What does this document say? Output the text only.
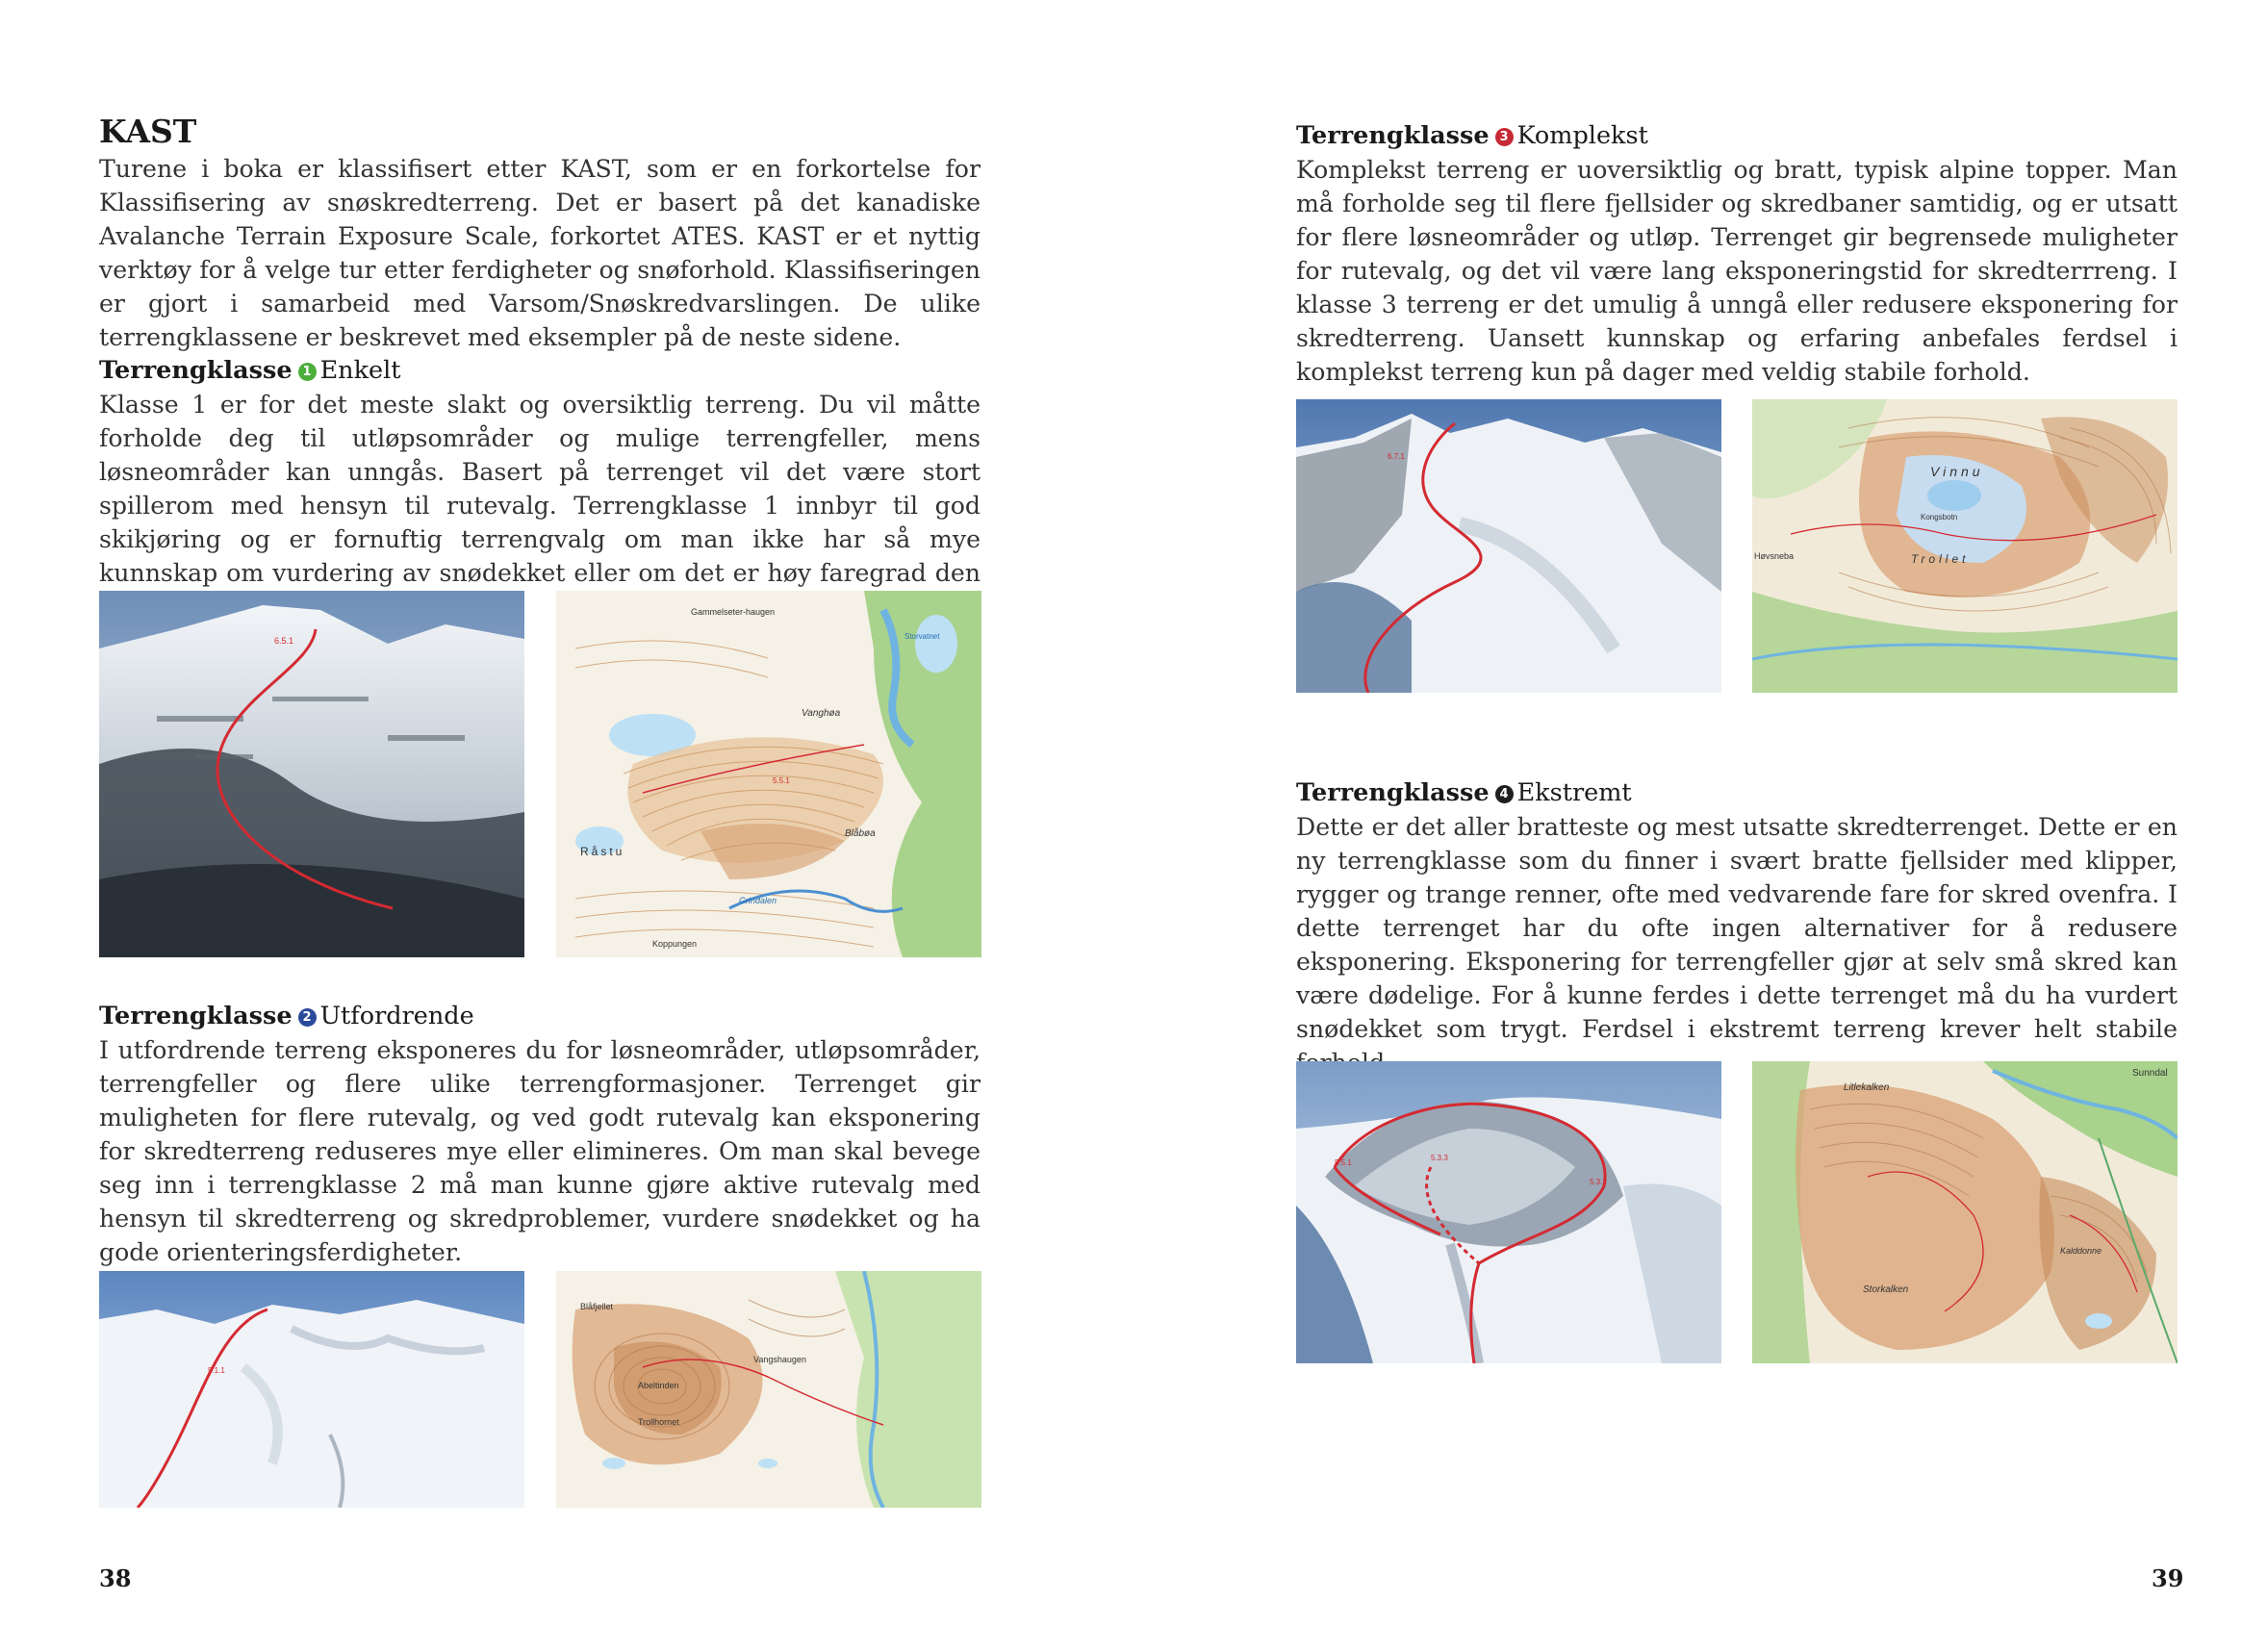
KAST

Turene i boka er klassifisert etter KAST, som er en forkortelse for Klassifisering av snøskredterreng. Det er basert på det kanadiske Avalanche Terrain Exposure Scale, forkortet ATES. KAST er et nyttig verktøy for å velge tur etter ferdigheter og snøforhold. Klassifiseringen er gjort i samarbeid med Varsom/Snøskredvarslingen. De ulike terrengklassene er beskrevet med eksempler på de neste sidene.

Terrengklasse 1 Enkelt

Klasse 1 er for det meste slakt og oversiktlig terreng. Du vil måtte forholde deg til utløpsområder og mulige terrengfeller, mens løsneområder kan unngås. Basert på terrenget vil det være stort spillerom med hensyn til rutevalg. Terrengklasse 1 innbyr til god skikjøring og er fornuftig terrengvalg om man ikke har så mye kunnskap om vurdering av snødekket eller om det er høy faregrad den

6.5.1
Gammelseter-haugen
Storvatnet
Vanghøa
Råstu
Blåbøa
Koppungen
5.5.1
Grindalen
Terrengklasse 2 Utfordrende

I utfordrende terreng eksponeres du for løsneområder, utløpsområder, terrengfeller og flere ulike terrengformasjoner. Terrenget gir muligheten for flere rutevalg, og ved godt rutevalg kan eksponering for skredterreng reduseres mye eller elimineres. Om man skal bevege seg inn i terrengklasse 2 må man kunne gjøre aktive rutevalg med hensyn til skredterreng og skredproblemer, vurdere snødekket og ha gode orienteringsferdigheter.

5.1.1
Blåfjellet
Abeltinden
Trollhornet
Vangshaugen
38
Terrengklasse 3 Komplekst

Komplekst terreng er uoversiktlig og bratt, typisk alpine topper. Man må forholde seg til flere fjellsider og skredbaner samtidig, og er utsatt for flere løsneområder og utløp. Terrenget gir begrensede muligheter for rutevalg, og det vil være lang eksponeringstid for skredterrreng. I klasse 3 terreng er det umulig å unngå eller redusere eksponering for skredterreng. Uansett kunnskap og erfaring anbefales ferdsel i komplekst terreng kun på dager med veldig stabile forhold.

6.7.1
Vinnu
Trollet
Høvsneba
Kongsbotn
Terrengklasse 4 Ekstremt

Dette er det aller bratteste og mest utsatte skredterrenget. Dette er en ny terrengklasse som du finner i svært bratte fjellsider med klipper, rygger og trange renner, ofte med vedvarende fare for skred ovenfra. I dette terrenget har du ofte ingen alternativer for å redusere eksponering. Eksponering for terrengfeller gjør at selv små skred kan være dødelige. For å kunne ferdes i dette terrenget må du ha vurdert snødekket som trygt. Ferdsel i ekstremt terreng krever helt stabile

5.5.1
5.3.3
5.3.2
Litlekalken
Storkalken
Sunndal
Kalddonne
39
